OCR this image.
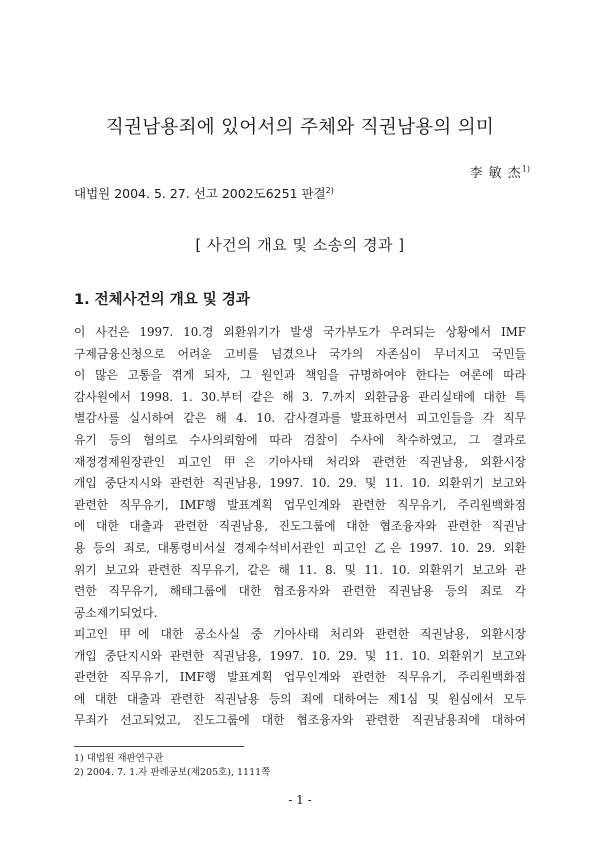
직권남용죄에 있어서의 주체와 직권남용의 의미
李 敏 杰$^{1)}$
대법원 2004. 5. 27. 선고 2002도6251 판결$^{2)}$
[ 사건의 개요 및 소송의 경과 ]
1. 전체사건의 개요 및 경과
이 사건은 1997. 10.경 외환위기가 발생 국가부도가 우려되는 상황에서 IMF
구제금융신청으로 어려운 고비를 넘겼으나 국가의 자존심이 무너지고 국민들
이 많은 고통을 겪게 되자, 그 원인과 책임을 규명하여야 한다는 여론에 따라
감사원에서 1998. 1. 30.부터 같은 해 3. 7.까지 외환금융 관리실태에 대한 특
별감사를 실시하여 같은 해 4. 10. 감사결과를 발표하면서 피고인들을 각 직무
유기 등의 혐의로 수사의뢰함에 따라 검찰이 수사에 착수하였고, 그 결과로
재정경제원장관인 피고인 甲은 기아사태 처리와 관련한 직권남용, 외환시장
개입 중단지시와 관련한 직권남용, 1997. 10. 29. 및 11. 10. 외환위기 보고와
관련한 직무유기, IMF행 발표계획 업무인계와 관련한 직무유기, 주리원백화점
에 대한 대출과 관련한 직권남용, 진도그룹에 대한 협조융자와 관련한 직권남
용 등의 죄로, 대통령비서실 경제수석비서관인 피고인 乙은 1997. 10. 29. 외환
위기 보고와 관련한 직무유기, 같은 해 11. 8. 및 11. 10. 외환위기 보고와 관
련한 직무유기, 해태그룹에 대한 협조융자와 관련한 직권남용 등의 죄로 각
공소제기되었다.
피고인 甲에 대한 공소사실 중 기아사태 처리와 관련한 직권남용, 외환시장
개입 중단지시와 관련한 직권남용, 1997. 10. 29. 및 11. 10. 외환위기 보고와
관련한 직무유기, IMF행 발표계획 업무인계와 관련한 직무유기, 주리원백화점
에 대한 대출과 관련한 직권남용 등의 죄에 대하여는 제1심 및 원심에서 모두
무죄가 선고되었고, 진도그룹에 대한 협조융자와 관련한 직권남용죄에 대하여
1) 대법원 재판연구관
2) 2004. 7. 1.자 판례공보(제205호), 1111쪽
- 1 -
